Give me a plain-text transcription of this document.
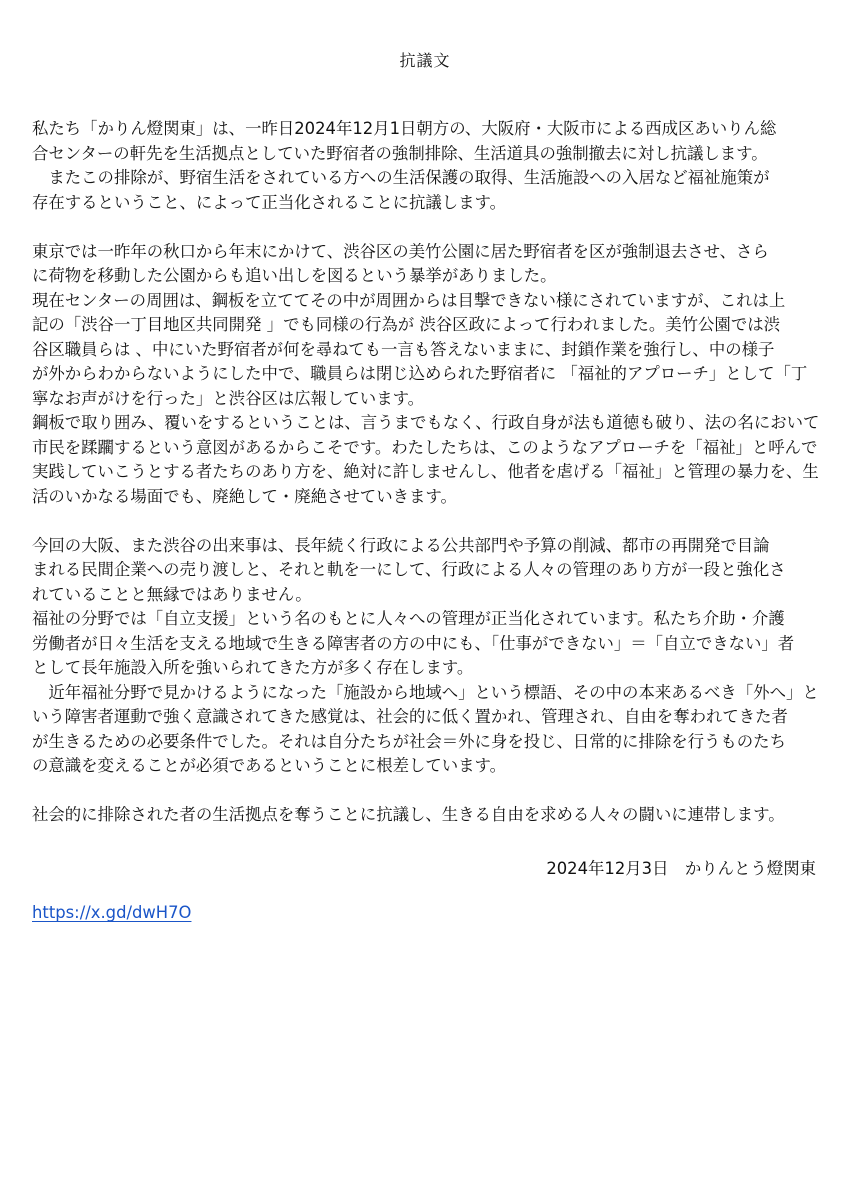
抗議文
私たち「かりん燈関東」は、一昨日2024年12月1日朝方の、大阪府・大阪市による西成区あいりん総
合センターの軒先を生活拠点としていた野宿者の強制排除、生活道具の強制撤去に対し抗議します。
　またこの排除が、野宿生活をされている方への生活保護の取得、生活施設への入居など福祉施策が
存在するということ、によって正当化されることに抗議します。
東京では一昨年の秋口から年末にかけて、渋谷区の美竹公園に居た野宿者を区が強制退去させ、さら
に荷物を移動した公園からも追い出しを図るという暴挙がありました。
現在センターの周囲は、鋼板を立ててその中が周囲からは目撃できない様にされていますが、これは上
記の「渋谷一丁目地区共同開発 」でも同様の行為が 渋谷区政によって行われました。美竹公園では渋
谷区職員らは 、中にいた野宿者が何を尋ねても一言も答えないままに、封鎖作業を強行し、中の様子
が外からわからないようにした中で、職員らは閉じ込められた野宿者に 「福祉的アプローチ」として「丁
寧なお声がけを行った」と渋谷区は広報しています。
鋼板で取り囲み、覆いをするということは、言うまでもなく、行政自身が法も道徳も破り、法の名において
市民を蹂躙するという意図があるからこそです。わたしたちは、このようなアプローチを「福祉」と呼んで
実践していこうとする者たちのあり方を、絶対に許しませんし、他者を虐げる「福祉」と管理の暴力を、生
活のいかなる場面でも、廃絶して・廃絶させていきます。
今回の大阪、また渋谷の出来事は、長年続く行政による公共部門や予算の削減、都市の再開発で目論
まれる民間企業への売り渡しと、それと軌を一にして、行政による人々の管理のあり方が一段と強化さ
れていることと無縁ではありません。
福祉の分野では「自立支援」という名のもとに人々への管理が正当化されています。私たち介助・介護
労働者が日々生活を支える地域で生きる障害者の方の中にも、「仕事ができない」＝「自立できない」者
として長年施設入所を強いられてきた方が多く存在します。
　近年福祉分野で見かけるようになった「施設から地域へ」という標語、その中の本来あるべき「外へ」と
いう障害者運動で強く意識されてきた感覚は、社会的に低く置かれ、管理され、自由を奪われてきた者
が生きるための必要条件でした。それは自分たちが社会＝外に身を投じ、日常的に排除を行うものたち
の意識を変えることが必須であるということに根差しています。
社会的に排除された者の生活拠点を奪うことに抗議し、生きる自由を求める人々の闘いに連帯します。
2024年12月3日　かりんとう燈関東
https://x.gd/dwH7O
